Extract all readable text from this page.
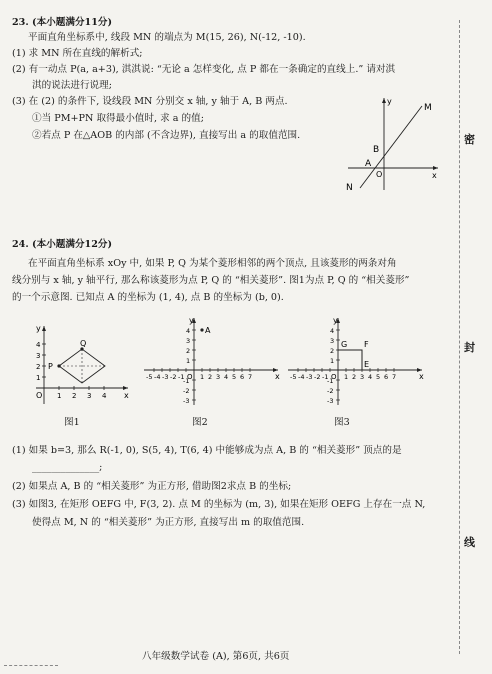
23. (本小题满分11分)
平面直角坐标系中, 线段 MN 的端点为 M(15, 26), N(-12, -10).
(1) 求 MN 所在直线的解析式;
(2) 有一动点 P(a, a+3), 淇淇说: “无论 a 怎样变化, 点 P 都在一条确定的直线上.” 请对淇
淇的说法进行说理;
(3) 在 (2) 的条件下, 设线段 MN 分别交 x 轴, y 轴于 A, B 两点.
①当 PM+PN 取得最小值时, 求 a 的值;
②若点 P 在△AOB 的内部 (不含边界), 直接写出 a 的取值范围.
y
x
M
N
A
B
O
24. (本小题满分12分)
在平面直角坐标系 xOy 中, 如果 P, Q 为某个菱形相邻的两个顶点, 且该菱形的两条对角
线分别与 x 轴, y 轴平行, 那么称该菱形为点 P, Q 的 “相关菱形”. 图1为点 P, Q 的 “相关菱形”
的一个示意图. 已知点 A 的坐标为 (1, 4), 点 B 的坐标为 (b, 0).
y
x
P
Q
O
4
3
2
1
1 2 3 4
A
y
x
O
-5 -4 -3 -2 -1 1 2 3 4 5 6 7
4
3
2
1
-1
-2
-3
G F
E
y
x
O
-5 -4 -3 -2 -1 1 2 3 4 5 6 7
4
3
2
1
-1
-2
-3
图1	图2	图3
(1) 如果 b=3, 那么 R(-1, 0), S(5, 4), T(6, 4) 中能够成为点 A, B 的 “相关菱形” 顶点的是
______________;
(2) 如果点 A, B 的 “相关菱形” 为正方形, 借助图2求点 B 的坐标;
(3) 如图3, 在矩形 OEFG 中, F(3, 2). 点 M 的坐标为 (m, 3), 如果在矩形 OEFG 上存在一点 N,
使得点 M, N 的 “相关菱形” 为正方形, 直接写出 m 的取值范围.
八年级数学试卷 (A), 第6页, 共6页
密
封
线
